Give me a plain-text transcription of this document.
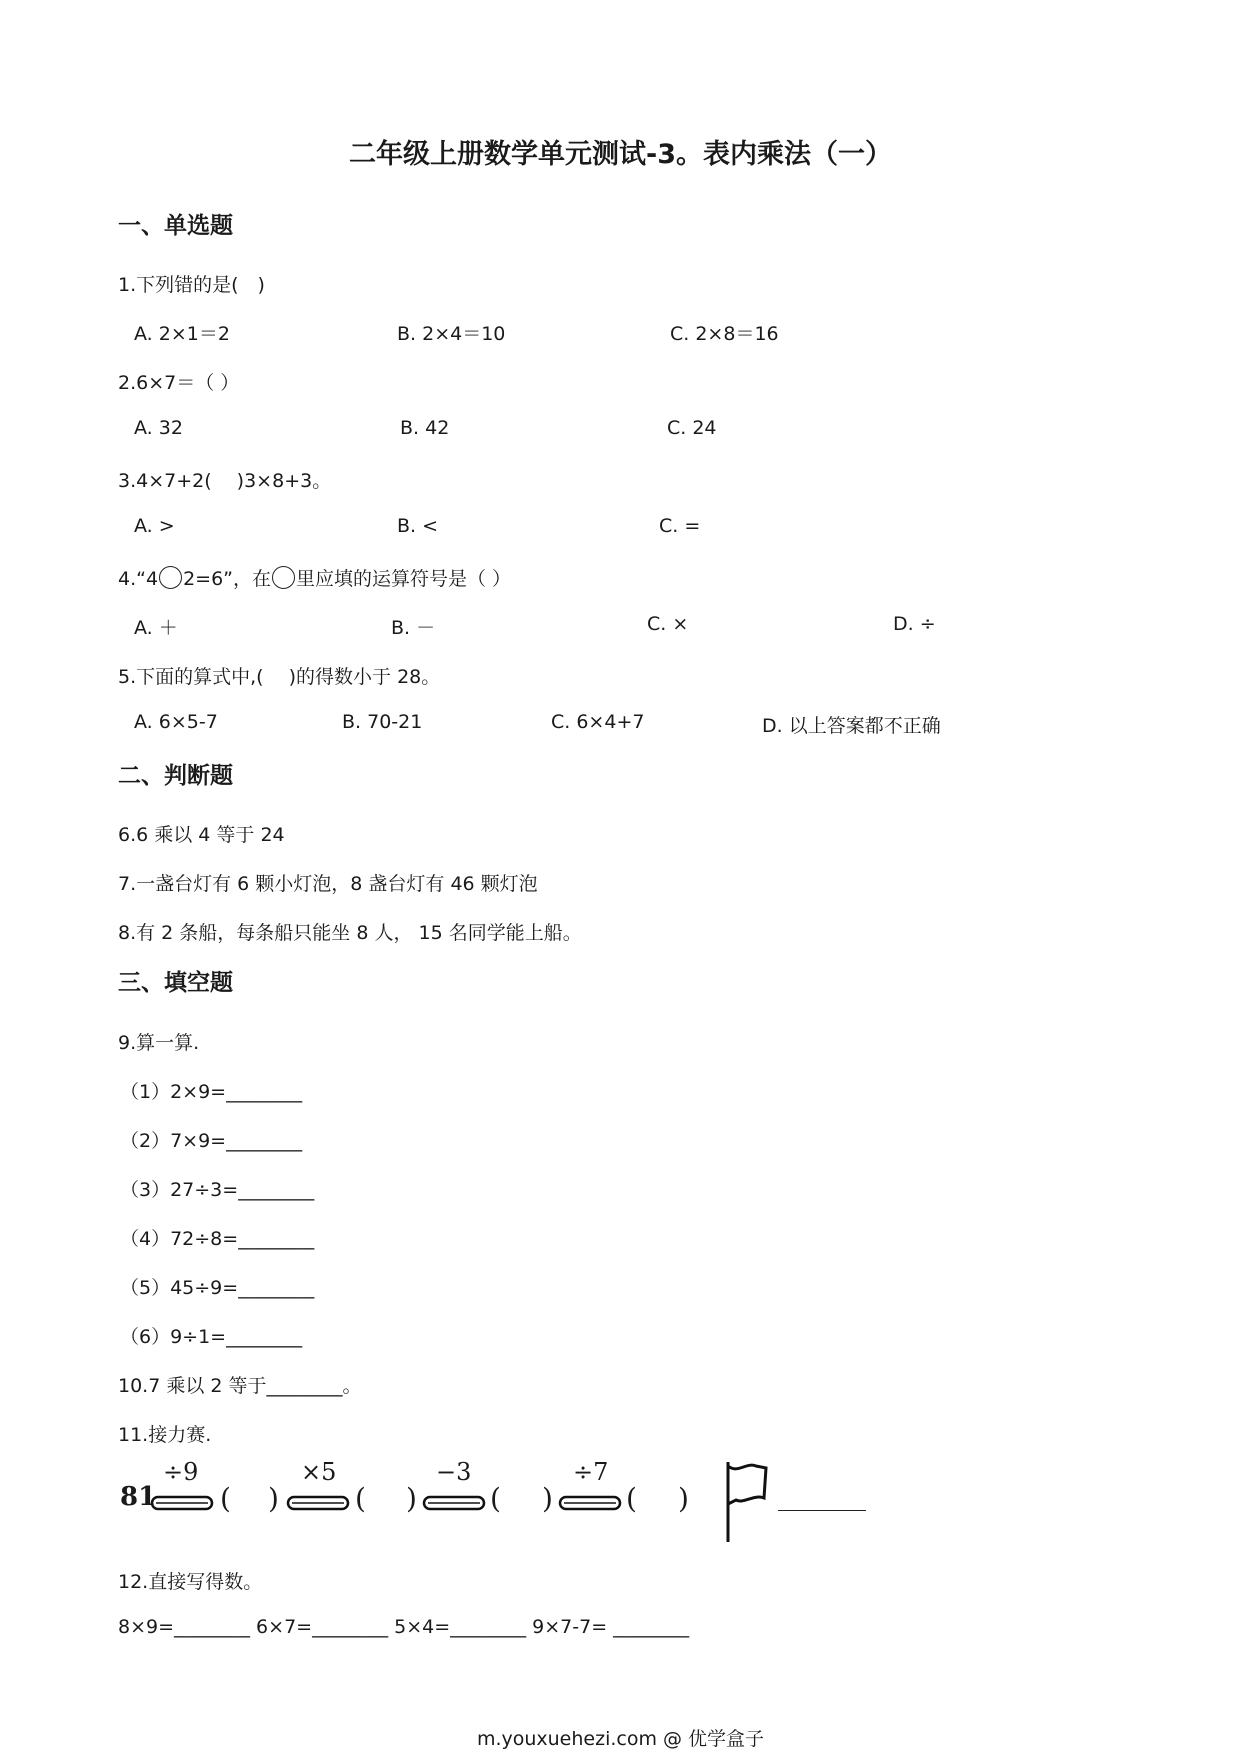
二年级上册数学单元测试-3。表内乘法（一）
一、单选题
1.下列错的是(　)
A. 2×1＝2	B. 2×4＝10	C. 2×8＝16
2.6×7＝（ ）
A. 32	B. 42	C. 24
3.4×7+2(　 )3×8+3。
A. >	B. <	C. =
4.“4 2=6”，在 里应填的运算符号是（ ）
A. ＋	B. －	C. ×	D. ÷
5.下面的算式中,(　 )的得数小于 28。
A. 6×5-7	B. 70-21	C. 6×4+7	D. 以上答案都不正确
二、判断题
6.6 乘以 4 等于 24
7.一盏台灯有 6 颗小灯泡，8 盏台灯有 46 颗灯泡
8.有 2 条船，每条船只能坐 8 人， 15 名同学能上船。
三、填空题
9.算一算.
（1）2×9=________
（2）7×9=________
（3）27÷3=________
（4）72÷8=________
（5）45÷9=________
（6）9÷1=________
10.7 乘以 2 等于________。
11.接力赛.
81
÷9
( )
×5
( )
−3
( )
÷7
( )
12.直接写得数。
8×9=________ 6×7=________ 5×4=________ 9×7-7= ________
m.youxuehezi.com @ 优学盒子
